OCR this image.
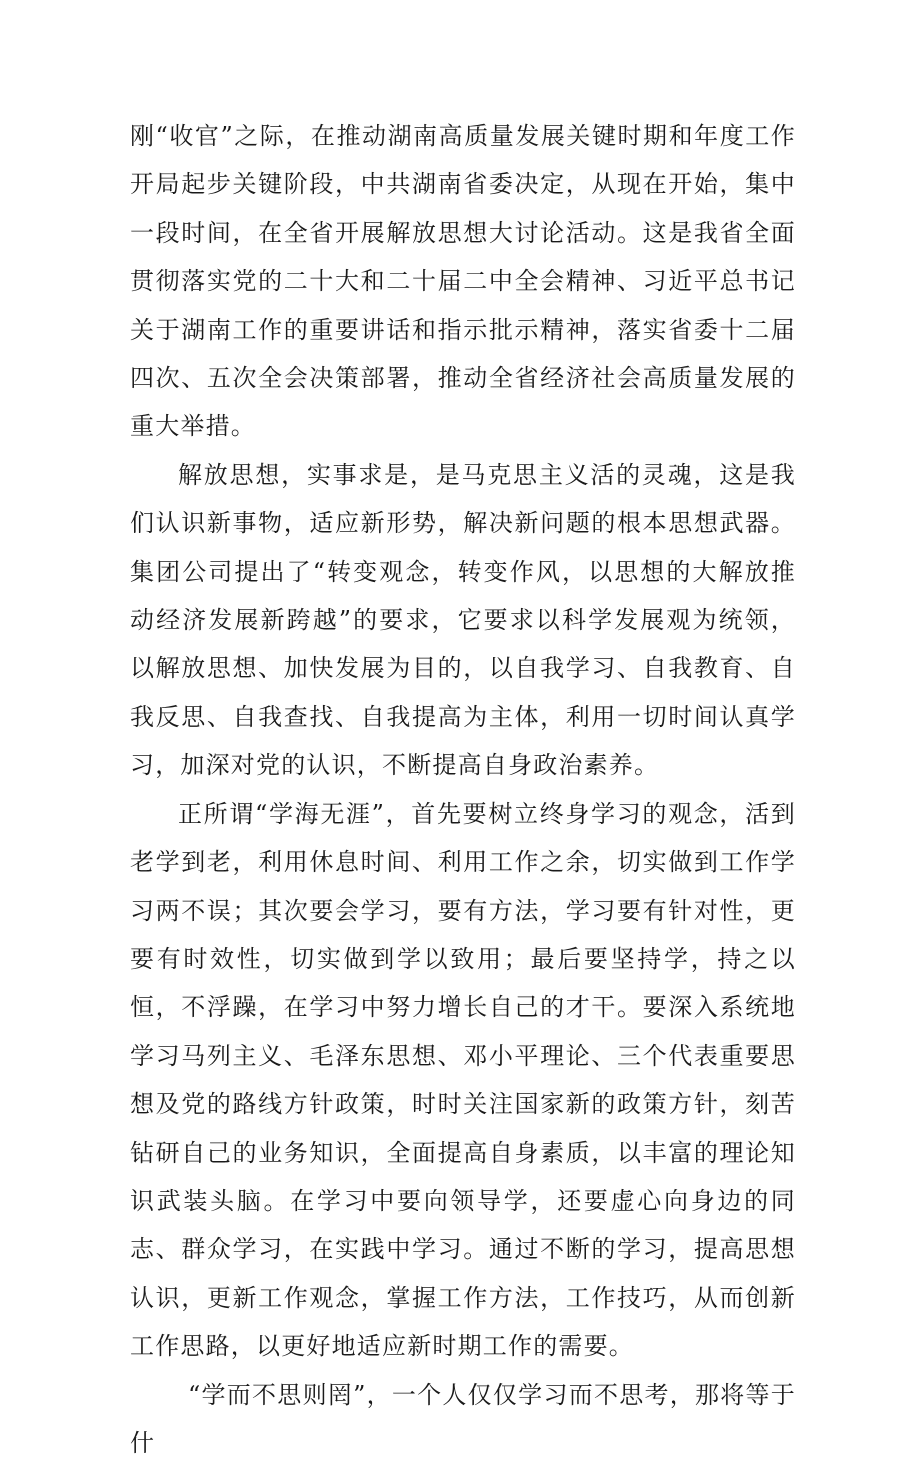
刚“收官”之际，在推动湖南高质量发展关键时期和年度工作开局起步关键阶段，中共湖南省委决定，从现在开始，集中一段时间，在全省开展解放思想大讨论活动。这是我省全面贯彻落实党的二十大和二十届二中全会精神、习近平总书记关于湖南工作的重要讲话和指示批示精神，落实省委十二届四次、五次全会决策部署，推动全省经济社会高质量发展的重大举措。

解放思想，实事求是，是马克思主义活的灵魂，这是我们认识新事物，适应新形势，解决新问题的根本思想武器。集团公司提出了“转变观念，转变作风，以思想的大解放推动经济发展新跨越”的要求，它要求以科学发展观为统领，以解放思想、加快发展为目的，以自我学习、自我教育、自我反思、自我查找、自我提高为主体，利用一切时间认真学习，加深对党的认识，不断提高自身政治素养。

正所谓“学海无涯”，首先要树立终身学习的观念，活到老学到老，利用休息时间、利用工作之余，切实做到工作学习两不误；其次要会学习，要有方法，学习要有针对性，更要有时效性，切实做到学以致用；最后要坚持学，持之以恒，不浮躁，在学习中努力增长自己的才干。要深入系统地学习马列主义、毛泽东思想、邓小平理论、三个代表重要思想及党的路线方针政策，时时关注国家新的政策方针，刻苦钻研自己的业务知识，全面提高自身素质，以丰富的理论知识武装头脑。在学习中要向领导学，还要虚心向身边的同志、群众学习，在实践中学习。通过不断的学习，提高思想认识，更新工作观念，掌握工作方法，工作技巧，从而创新工作思路，以更好地适应新时期工作的需要。

“学而不思则罔”，一个人仅仅学习而不思考，那将等于什
